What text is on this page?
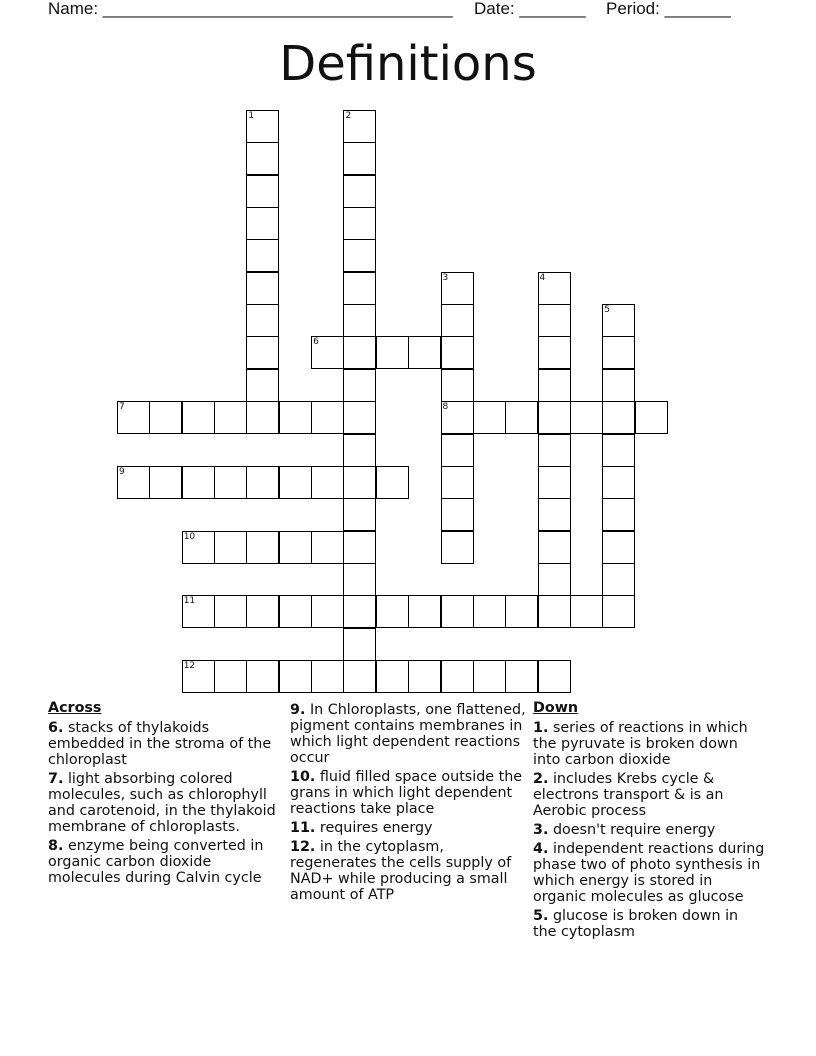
Name: _____________________________________ Date: _______ Period: _______
Definitions
1	2
3
8
4
5
6
7
9
10
11
12
Across
6. stacks of thylakoids embedded in the stroma of the chloroplast
7. light absorbing colored molecules, such as chlorophyll and carotenoid, in the thylakoid membrane of chloroplasts.
8. enzyme being converted in organic carbon dioxide molecules during Calvin cycle
9. In Chloroplasts, one flattened, pigment contains membranes in which light dependent reactions occur
10. fluid filled space outside the grans in which light dependent reactions take place
11. requires energy
12. in the cytoplasm, regenerates the cells supply of NAD+ while producing a small amount of ATP
Down
1. series of reactions in which the pyruvate is broken down into carbon dioxide
2. includes Krebs cycle & electrons transport & is an Aerobic process
3. doesn't require energy
4. independent reactions during phase two of photo synthesis in which energy is stored in organic molecules as glucose
5. glucose is broken down in the cytoplasm
